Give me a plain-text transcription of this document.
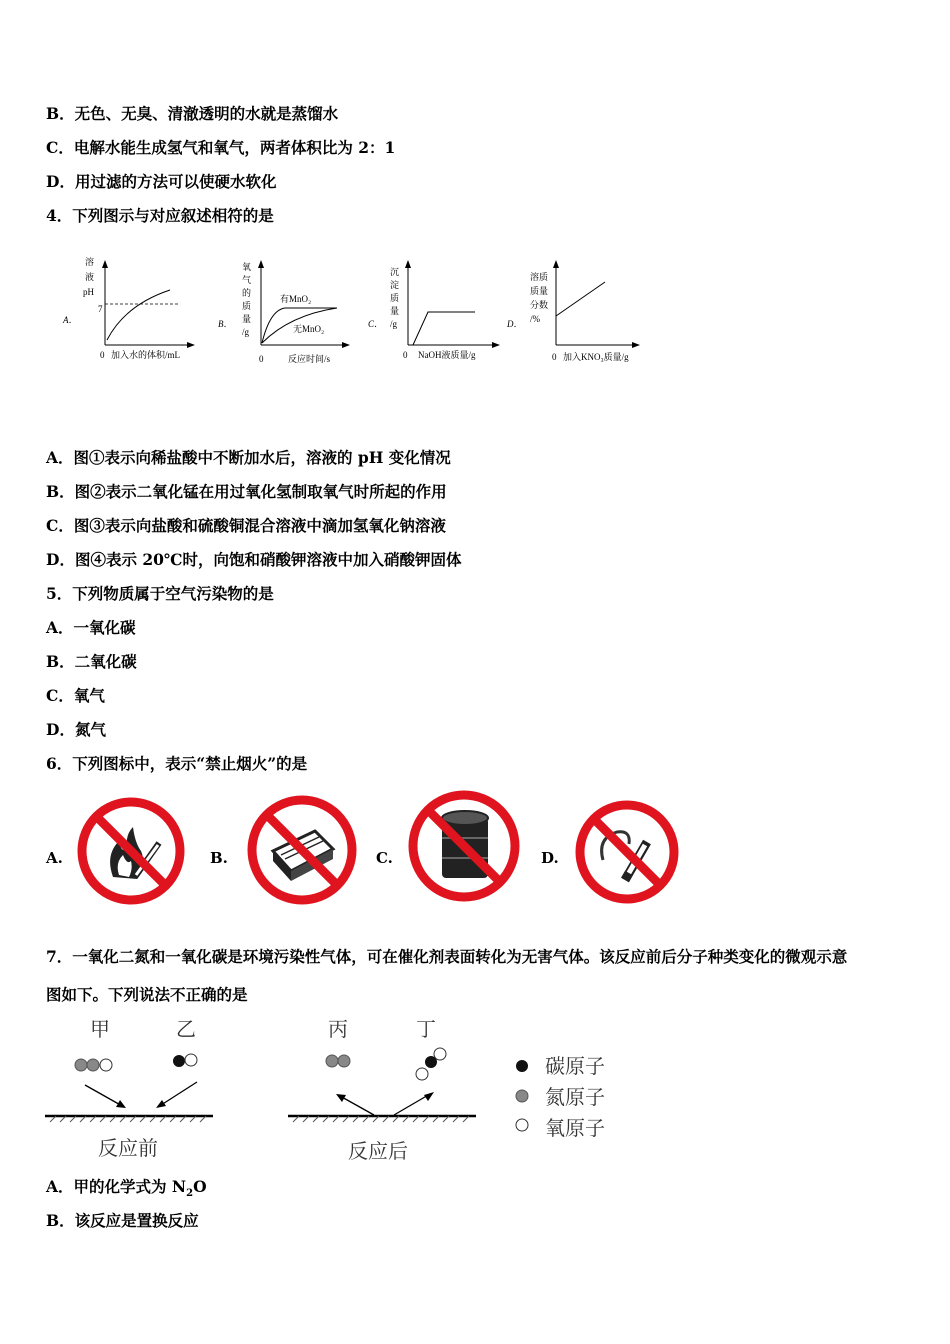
B．无色、无臭、清澈透明的水就是蒸馏水
C．电解水能生成氢气和氧气，两者体积比为 2：1
D．用过滤的方法可以使硬水软化
4．下列图示与对应叙述相符的是
A．
溶
液
pH
7
0 加入水的体积/mL
B．
氧
气
的
质
量
/g
有MnO₂
无MnO₂
0	反应时间/s
C．
沉
淀
质
量
/g
0 NaOH液质量/g
D．
溶质
质量
分数
/%
0 加入KNO₃质量/g
A．图①表示向稀盐酸中不断加水后，溶液的 pH 变化情况
B．图②表示二氧化锰在用过氧化氢制取氧气时所起的作用
C．图③表示向盐酸和硫酸铜混合溶液中滴加氢氧化钠溶液
D．图④表示 20℃时，向饱和硝酸钾溶液中加入硝酸钾固体
5．下列物质属于空气污染物的是
A．一氧化碳
B．二氧化碳
C．氧气
D．氮气
6．下列图标中，表示“禁止烟火”的是
A.	B.	C.	D.
7．一氧化二氮和一氧化碳是环境污染性气体，可在催化剂表面转化为无害气体。该反应前后分子种类变化的微观示意
图如下。下列说法不正确的是
甲	乙
反应前
丙	丁
反应后
碳原子
氮原子
氧原子
A．甲的化学式为 $N_2O$
B．该反应是置换反应
